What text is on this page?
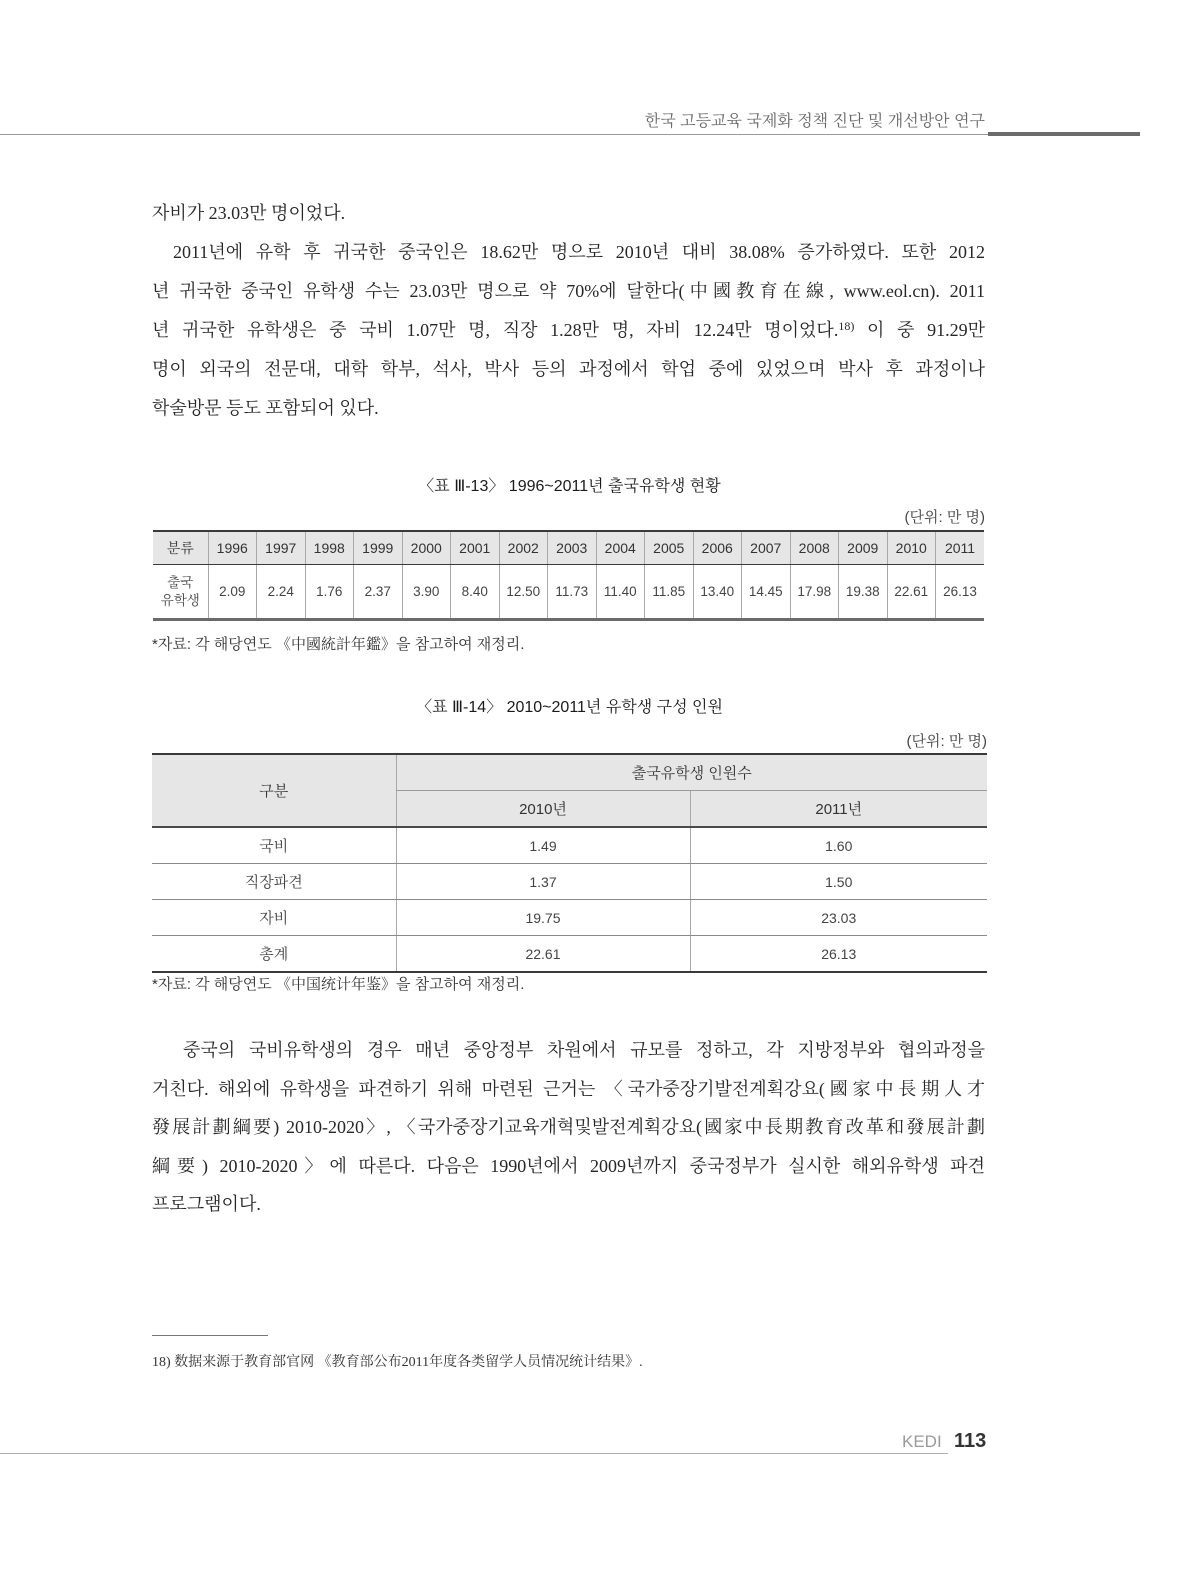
한국 고등교육 국제화 정책 진단 및 개선방안 연구
자비가 23.03만 명이었다.
2011년에 유학 후 귀국한 중국인은 18.62만 명으로 2010년 대비 38.08% 증가하였다. 또한 2012
년 귀국한 중국인 유학생 수는 23.03만 명으로 약 70%에 달한다(中國教育在線, www.eol.cn). 2011
년 귀국한 유학생은 중 국비 1.07만 명, 직장 1.28만 명, 자비 12.24만 명이었다.$^{18)}$ 이 중 91.29만
명이 외국의 전문대, 대학 학부, 석사, 박사 등의 과정에서 학업 중에 있었으며 박사 후 과정이나
학술방문 등도 포함되어 있다.
〈표 Ⅲ-13〉 1996~2011년 출국유학생 현황
(단위: 만 명)
분류	1996	1997	1998	1999	2000	2001	2002	2003	2004	2005	2006	2007	2008	2009	2010	2011
출국
유학생	2.09	2.24	1.76	2.37	3.90	8.40	12.50	11.73	11.40	11.85	13.40	14.45	17.98	19.38	22.61	26.13
*자료: 각 해당연도 《中國統計年鑑》을 참고하여 재정리.
〈표 Ⅲ-14〉 2010~2011년 유학생 구성 인원
(단위: 만 명)
구분	출국유학생 인원수	
	2010년	2011년
국비	1.49	1.60
직장파견	1.37	1.50
자비	19.75	23.03
총계	22.61	26.13
*자료: 각 해당연도 《中国统计年鉴》을 참고하여 재정리.
중국의 국비유학생의 경우 매년 중앙정부 차원에서 규모를 정하고, 각 지방정부와 협의과정을
거친다. 해외에 유학생을 파견하기 위해 마련된 근거는 〈국가중장기발전계획강요(國家中長期人才
發展計劃綱要) 2010-2020〉, 〈국가중장기교육개혁및발전계획강요(國家中長期教育改革和發展計劃
綱要) 2010-2020〉에 따른다. 다음은 1990년에서 2009년까지 중국정부가 실시한 해외유학생 파견
프로그램이다.
18) 数据来源于教育部官网 《教育部公布2011年度各类留学人员情况统计结果》.
KEDI 113
